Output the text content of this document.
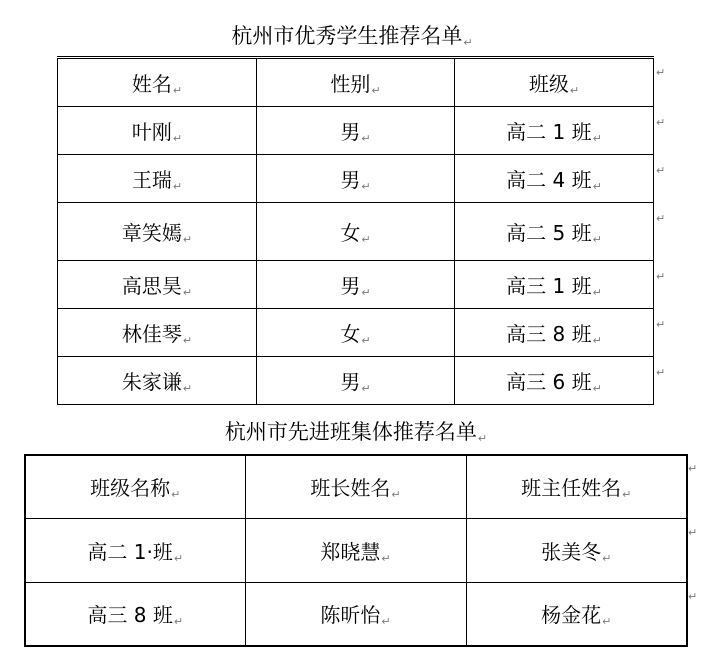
杭州市优秀学生推荐名单↵
姓名↵	性别↵	班级↵
叶刚↵	男↵	高二 1 班↵
王瑞↵	男↵	高二 4 班↵
章笑嫣↵	女↵	高二 5 班↵
高思昊↵	男↵	高三 1 班↵
林佳琴↵	女↵	高三 8 班↵
朱家谦↵	男↵	高三 6 班↵
↵
↵
↵
↵
↵
↵
↵
杭州市先进班集体推荐名单↵
班级名称↵	班长姓名↵	班主任姓名↵
高二 1·班↵	郑晓慧↵	张美冬↵
高三 8 班↵	陈昕怡↵	杨金花↵
↵
↵
↵
